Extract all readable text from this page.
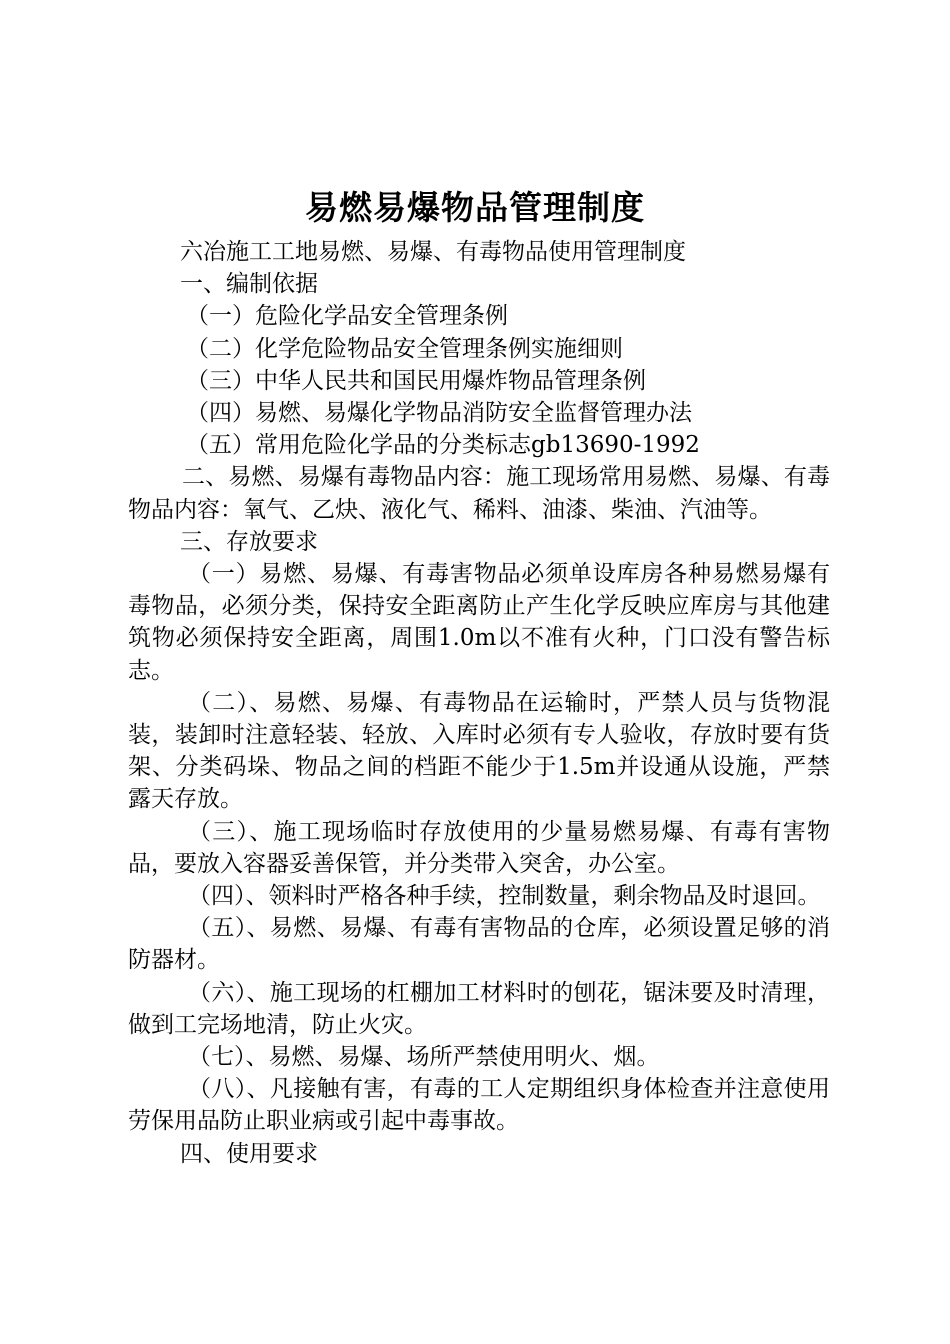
易燃易爆物品管理制度

六冶施工工地易燃、易爆、有毒物品使用管理制度

一、编制依据

（一）危险化学品安全管理条例

（二）化学危险物品安全管理条例实施细则

（三）中华人民共和国民用爆炸物品管理条例

（四）易燃、易爆化学物品消防安全监督管理办法

（五）常用危险化学品的分类标志gb13690-1992

二、易燃、易爆有毒物品内容：施工现场常用易燃、易爆、有毒物品内容：氧气、乙炔、液化气、稀料、油漆、柴油、汽油等。

三、存放要求

（一）易燃、易爆、有毒害物品必须单设库房各种易燃易爆有毒物品，必须分类，保持安全距离防止产生化学反映应库房与其他建筑物必须保持安全距离，周围1.0m以不准有火种，门口没有警告标志。

（二）、易燃、易爆、有毒物品在运输时，严禁人员与货物混装，装卸时注意轻装、轻放、入库时必须有专人验收，存放时要有货架、分类码垛、物品之间的档距不能少于1.5m并设通从设施，严禁露天存放。

（三）、施工现场临时存放使用的少量易燃易爆、有毒有害物品，要放入容器妥善保管，并分类带入突舍，办公室。

（四）、领料时严格各种手续，控制数量，剩余物品及时退回。

（五）、易燃、易爆、有毒有害物品的仓库，必须设置足够的消防器材。

（六）、施工现场的杠棚加工材料时的刨花，锯沫要及时清理，做到工完场地清，防止火灾。

（七）、易燃、易爆、场所严禁使用明火、烟。

（八）、凡接触有害，有毒的工人定期组织身体检查并注意使用劳保用品防止职业病或引起中毒事故。

四、使用要求
